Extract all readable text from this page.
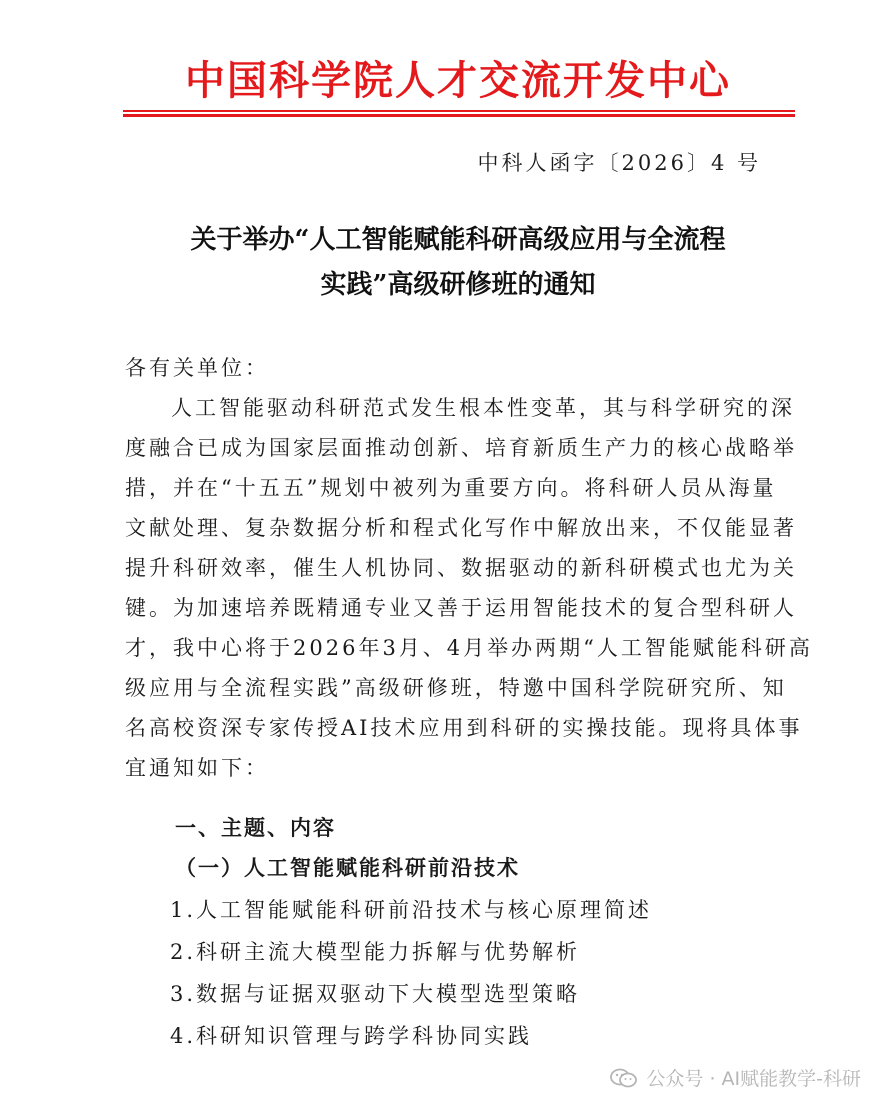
中国科学院人才交流开发中心
中科人函字〔2026〕4 号
关于举办“人工智能赋能科研高级应用与全流程
实践”高级研修班的通知
各有关单位：
人工智能驱动科研范式发生根本性变革，其与科学研究的深
度融合已成为国家层面推动创新、培育新质生产力的核心战略举
措，并在“十五五”规划中被列为重要方向。将科研人员从海量
文献处理、复杂数据分析和程式化写作中解放出来，不仅能显著
提升科研效率，催生人机协同、数据驱动的新科研模式也尤为关
键。为加速培养既精通专业又善于运用智能技术的复合型科研人
才，我中心将于2026年3月、4月举办两期“人工智能赋能科研高
级应用与全流程实践”高级研修班，特邀中国科学院研究所、知
名高校资深专家传授AI技术应用到科研的实操技能。现将具体事
宜通知如下：
一、主题、内容
（一）人工智能赋能科研前沿技术
1.人工智能赋能科研前沿技术与核心原理简述
2.科研主流大模型能力拆解与优势解析
3.数据与证据双驱动下大模型选型策略
4.科研知识管理与跨学科协同实践
公众号 · AI赋能教学-科研
